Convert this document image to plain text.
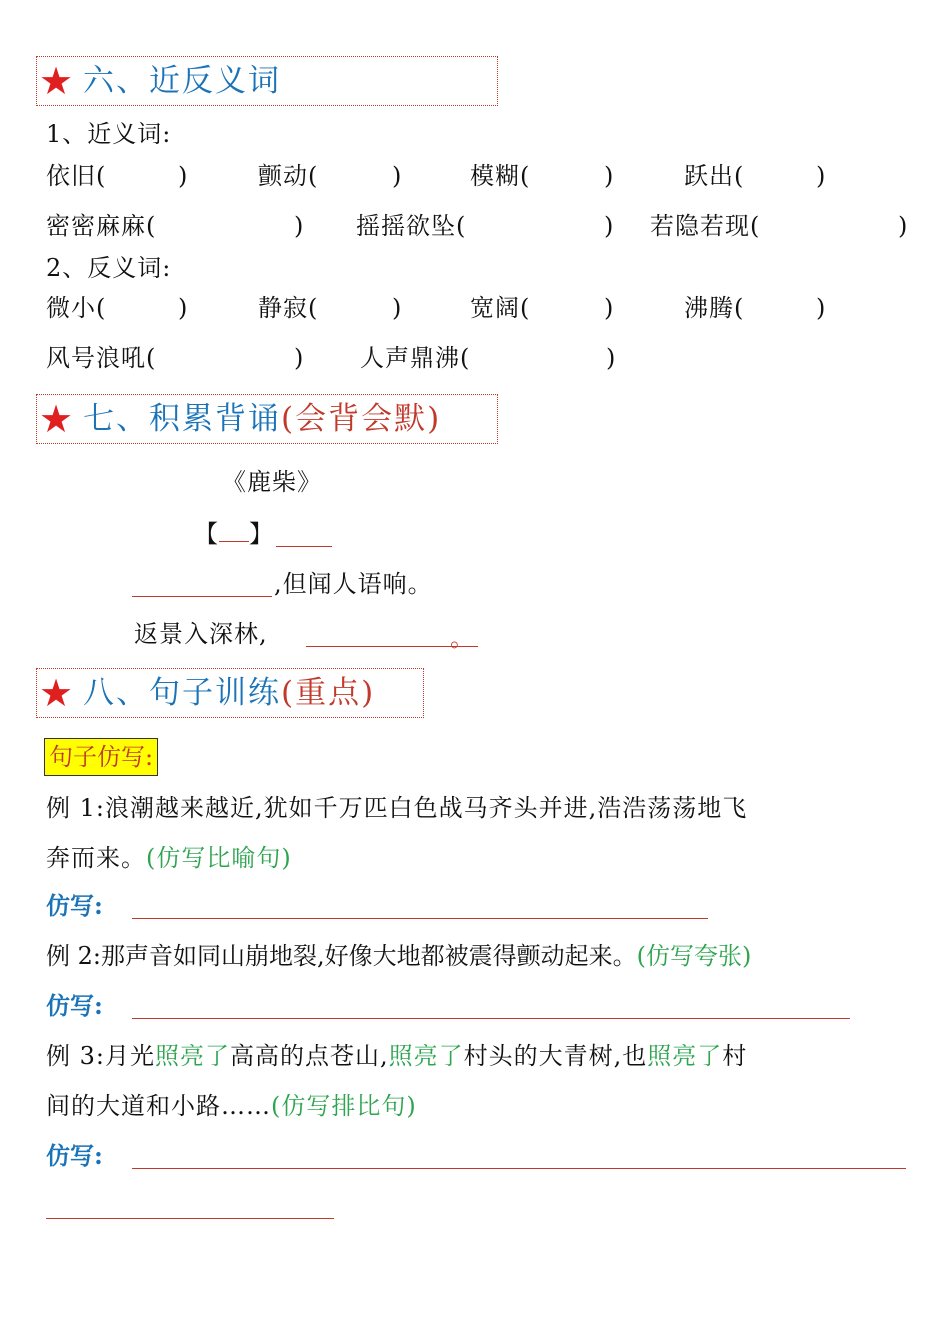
★ 六、近反义词
1、近义词:
依旧(	)	颤动(	)	模糊(	)	跃出(	)
密密麻麻(	) 摇摇欲坠(	) 若隐若现(	)
2、反义词:
微小(	)	静寂(	)	宽阔(	)	沸腾(	)
风号浪吼(	) 人声鼎沸(	)
★ 七、积累背诵(会背会默)
《鹿柴》
【 】
,但闻人语响。
返景入深林,	。
★ 八、句子训练(重点)
句子仿写:
例 1:浪潮越来越近,犹如千万匹白色战马齐头并进,浩浩荡荡地飞
奔而来。(仿写比喻句)
仿写:
例 2:那声音如同山崩地裂,好像大地都被震得颤动起来。(仿写夸张)
仿写:
例 3:月光照亮了高高的点苍山,照亮了村头的大青树,也照亮了村
间的大道和小路……(仿写排比句)
仿写:
